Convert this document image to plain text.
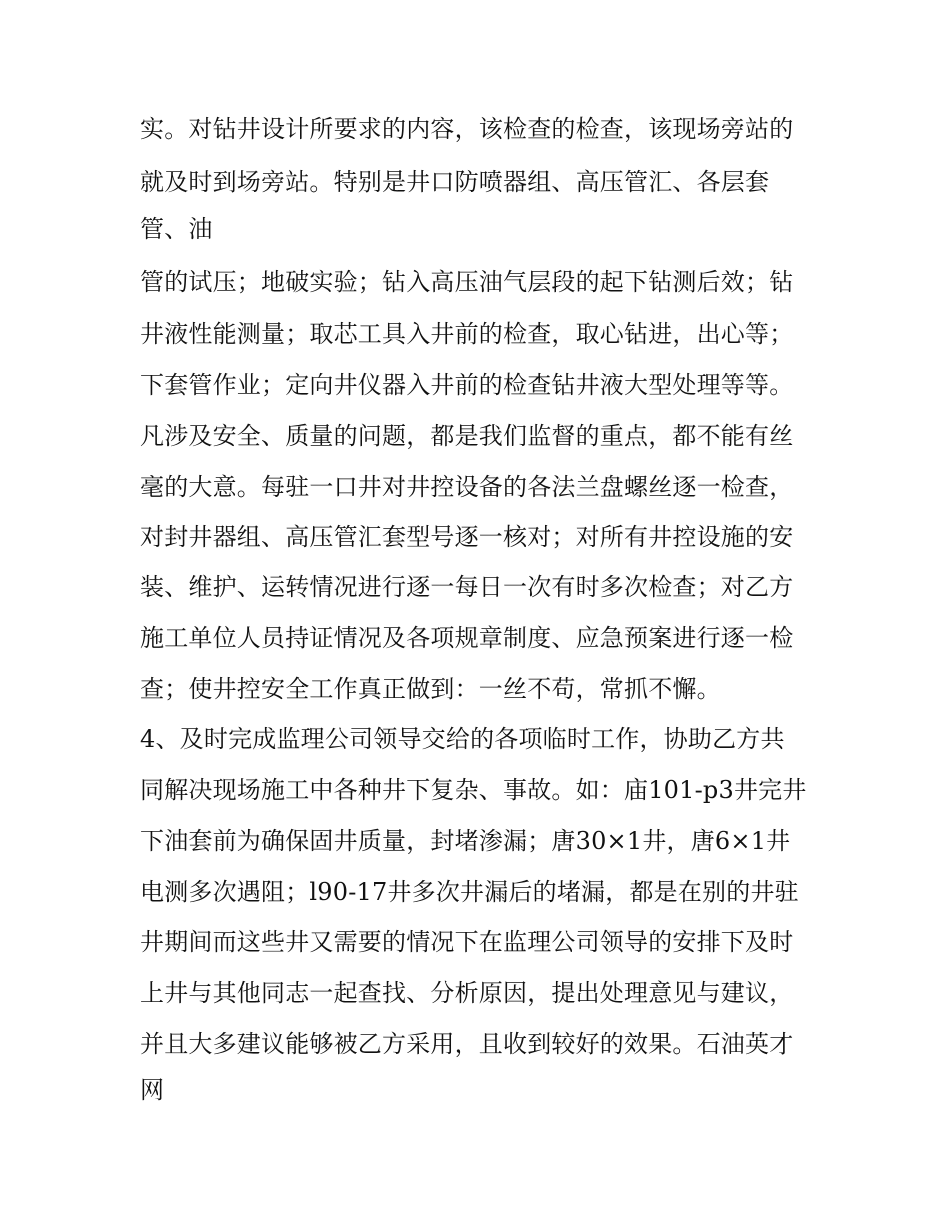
实。对钻井设计所要求的内容，该检查的检查，该现场旁站的

就及时到场旁站。特别是井口防喷器组、高压管汇、各层套

管、油

管的试压；地破实验；钻入高压油气层段的起下钻测后效；钻

井液性能测量；取芯工具入井前的检查，取心钻进，出心等；

下套管作业；定向井仪器入井前的检查钻井液大型处理等等。

凡涉及安全、质量的问题，都是我们监督的重点，都不能有丝

毫的大意。每驻一口井对井控设备的各法兰盘螺丝逐一检查，

对封井器组、高压管汇套型号逐一核对；对所有井控设施的安

装、维护、运转情况进行逐一每日一次有时多次检查；对乙方

施工单位人员持证情况及各项规章制度、应急预案进行逐一检

查；使井控安全工作真正做到：一丝不苟，常抓不懈。

4、及时完成监理公司领导交给的各项临时工作，协助乙方共

同解决现场施工中各种井下复杂、事故。如：庙101-p3井完井

下油套前为确保固井质量，封堵渗漏；唐30×1井，唐6×1井

电测多次遇阻；l90-17井多次井漏后的堵漏，都是在别的井驻

井期间而这些井又需要的情况下在监理公司领导的安排下及时

上井与其他同志一起查找、分析原因，提出处理意见与建议，

并且大多建议能够被乙方采用，且收到较好的效果。石油英才

网
